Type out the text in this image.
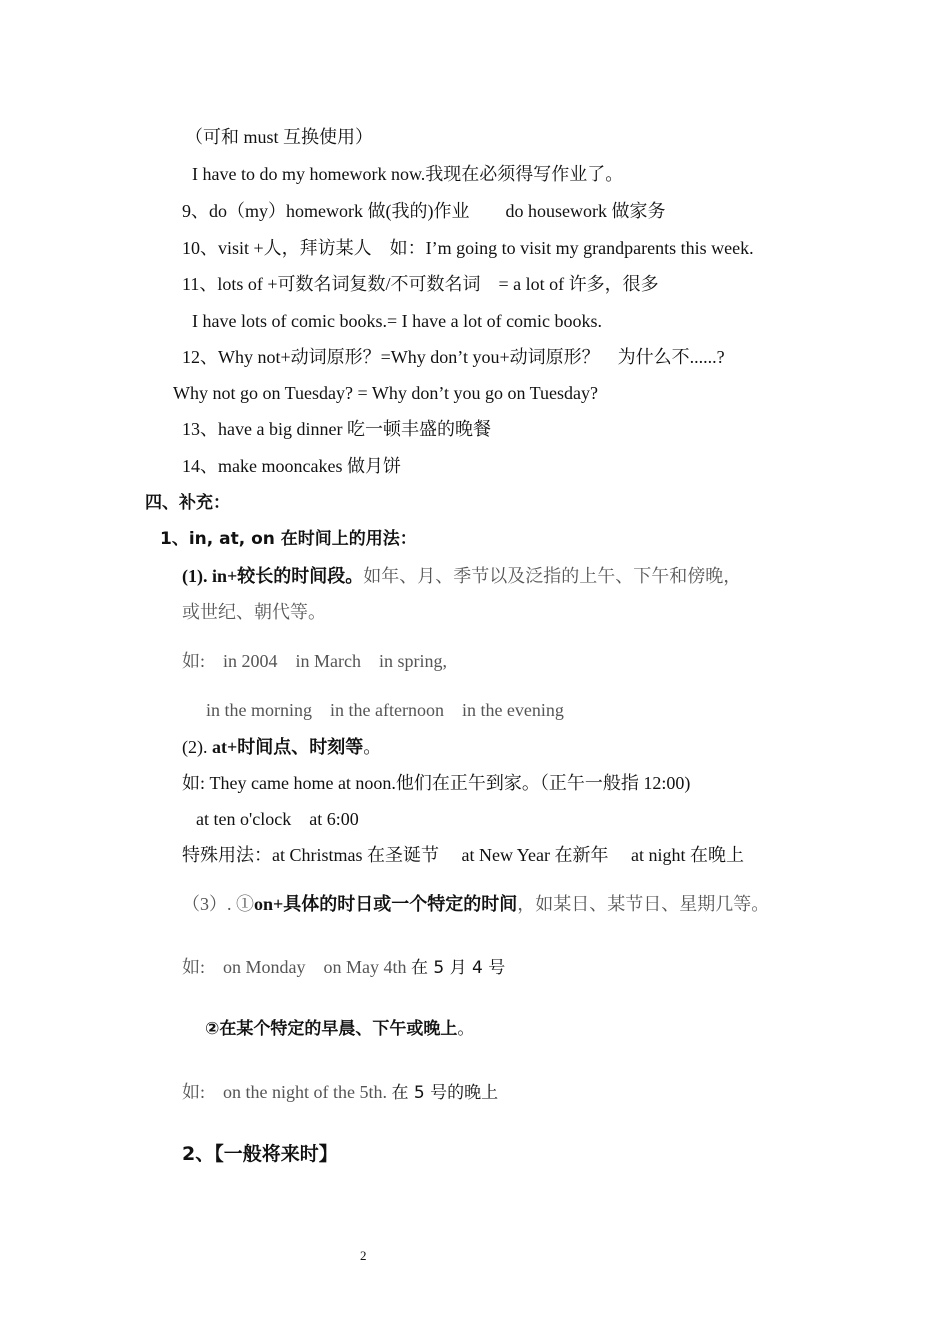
（可和 must 互换使用）
I have to do my homework now.我现在必须得写作业了。
9、do（my）homework 做(我的)作业　　do housework 做家务
10、visit +人，拜访某人　如：I’m going to visit my grandparents this week.
11、lots of +可数名词复数/不可数名词　= a lot of 许多，很多
I have lots of comic books.= I have a lot of comic books.
12、Why not+动词原形？=Why don’t you+动词原形？　为什么不......?
Why not go on Tuesday? = Why don’t you go on Tuesday?
13、have a big dinner 吃一顿丰盛的晚餐
14、make mooncakes 做月饼
四、补充：
1、in, at, on 在时间上的用法：
(1). in+较长的时间段。如年、月、季节以及泛指的上午、下午和傍晚，
或世纪、朝代等。
如:　in 2004　in March　in spring,
in the morning　in the afternoon　in the evening
(2). at+时间点、时刻等。
如: They came home at noon.他们在正午到家。（正午一般指 12:00)
at ten o'clock　at 6:00
特殊用法：at Christmas 在圣诞节　 at New Year 在新年　 at night 在晚上
（3）. ①on+具体的时日或一个特定的时间，如某日、某节日、星期几等。
如:　on Monday　on May 4th 在 5 月 4 号
②在某个特定的早晨、下午或晚上。
如:　on the night of the 5th. 在 5 号的晚上
2、【一般将来时】
2
